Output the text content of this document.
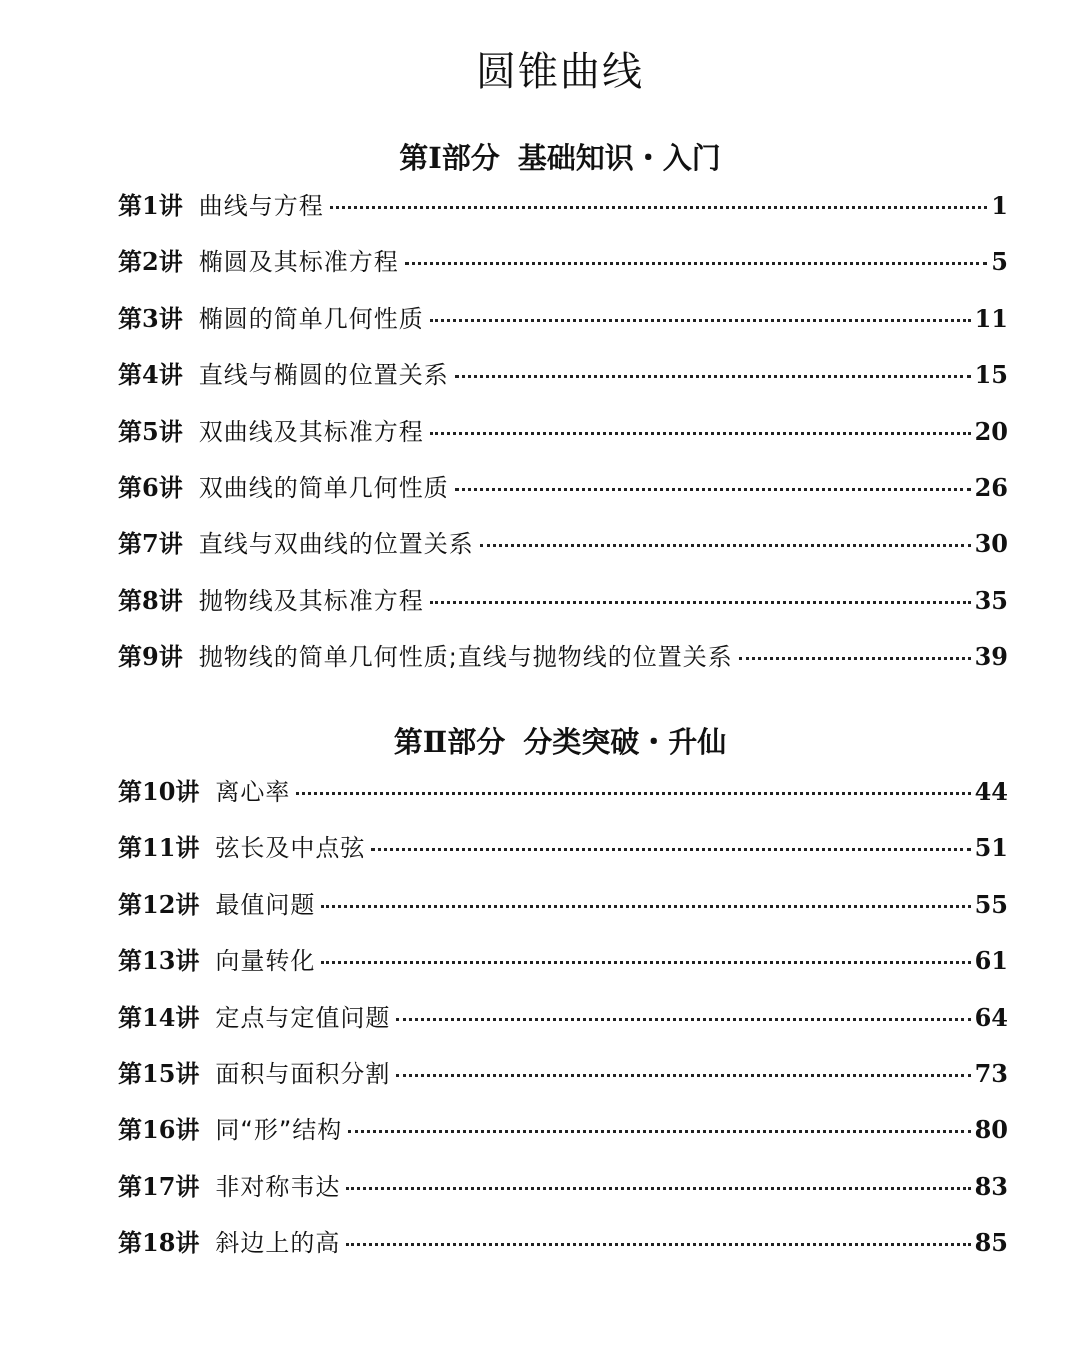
圆锥曲线
第Ⅰ部分 基础知识・入门
第1讲 曲线与方程	1
第2讲 椭圆及其标准方程	5
第3讲 椭圆的简单几何性质	11
第4讲 直线与椭圆的位置关系	15
第5讲 双曲线及其标准方程	20
第6讲 双曲线的简单几何性质	26
第7讲 直线与双曲线的位置关系	30
第8讲 抛物线及其标准方程	35
第9讲 抛物线的简单几何性质;直线与抛物线的位置关系	39
第Ⅱ部分 分类突破・升仙
第10讲 离心率	44
第11讲 弦长及中点弦	51
第12讲 最值问题	55
第13讲 向量转化	61
第14讲 定点与定值问题	64
第15讲 面积与面积分割	73
第16讲 同“形”结构	80
第17讲 非对称韦达	83
第18讲 斜边上的高	85
